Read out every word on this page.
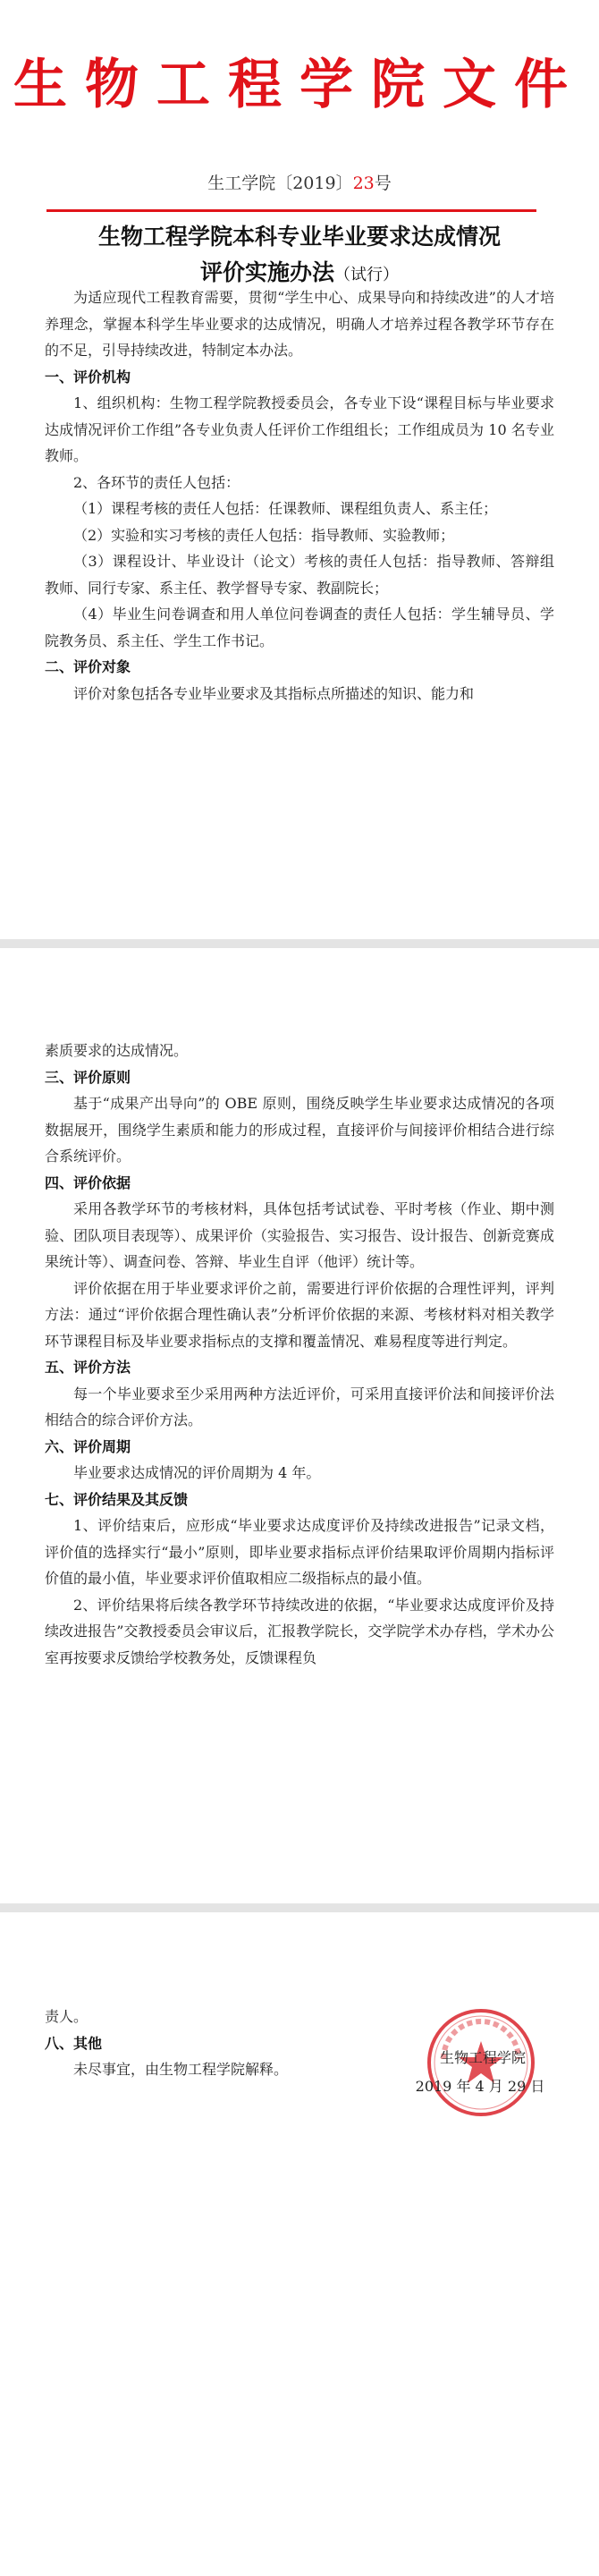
生物工程学院文件
生工学院〔2019〕23号
生物工程学院本科专业毕业要求达成情况
评价实施办法（试行）

为适应现代工程教育需要，贯彻“学生中心、成果导向和持续改进”的人才培养理念，掌握本科学生毕业要求的达成情况，明确人才培养过程各教学环节存在的不足，引导持续改进，特制定本办法。

一、评价机构

1、组织机构：生物工程学院教授委员会，各专业下设“课程目标与毕业要求达成情况评价工作组”各专业负责人任评价工作组组长；工作组成员为 10 名专业教师。

2、各环节的责任人包括：

（1）课程考核的责任人包括：任课教师、课程组负责人、系主任；

（2）实验和实习考核的责任人包括：指导教师、实验教师；

（3）课程设计、毕业设计（论文）考核的责任人包括：指导教师、答辩组教师、同行专家、系主任、教学督导专家、教副院长；

（4）毕业生问卷调查和用人单位问卷调查的责任人包括：学生辅导员、学院教务员、系主任、学生工作书记。

二、评价对象

评价对象包括各专业毕业要求及其指标点所描述的知识、能力和

素质要求的达成情况。

三、评价原则

基于“成果产出导向”的 OBE 原则，围绕反映学生毕业要求达成情况的各项数据展开，围绕学生素质和能力的形成过程，直接评价与间接评价相结合进行综合系统评价。

四、评价依据

采用各教学环节的考核材料，具体包括考试试卷、平时考核（作业、期中测验、团队项目表现等）、成果评价（实验报告、实习报告、设计报告、创新竞赛成果统计等）、调查问卷、答辩、毕业生自评（他评）统计等。

评价依据在用于毕业要求评价之前，需要进行评价依据的合理性评判，评判方法：通过“评价依据合理性确认表”分析评价依据的来源、考核材料对相关教学环节课程目标及毕业要求指标点的支撑和覆盖情况、难易程度等进行判定。

五、评价方法

每一个毕业要求至少采用两种方法近评价，可采用直接评价法和间接评价法相结合的综合评价方法。

六、评价周期

毕业要求达成情况的评价周期为 4 年。

七、评价结果及其反馈

1、评价结束后，应形成“毕业要求达成度评价及持续改进报告”记录文档，评价值的选择实行“最小”原则，即毕业要求指标点评价结果取评价周期内指标评价值的最小值，毕业要求评价值取相应二级指标点的最小值。

2、评价结果将后续各教学环节持续改进的依据，“毕业要求达成度评价及持续改进报告”交教授委员会审议后，汇报教学院长，交学院学术办存档，学术办公室再按要求反馈给学校教务处，反馈课程负

责人。

八、其他

未尽事宜，由生物工程学院解释。

生物工程学院
2019 年 4 月 29 日
